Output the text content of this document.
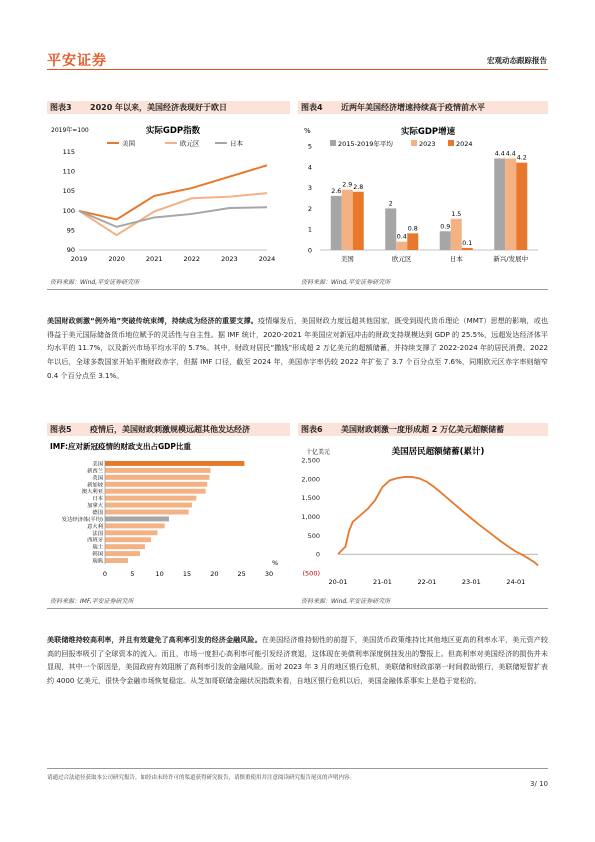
平安证券	宏观动态跟踪报告
图表3 2020 年以来，美国经济表现好于欧日
实际GDP指数
2019年=100
90
95
100
105
110
115
2019	2020	2021	2022	2023	2024
美国	欧元区	日本
资料来源：Wind,平安证券研究所
图表4 近两年美国经济增速持续高于疫情前水平
实际GDP增速
%
0
1
2
3
4
5	2015-2019年平均	2023	2024
2.6
2.9 2.8
美国
2
0.4
0.8
欧元区
0.9
1.5
0.1
日本
4.4 4.4
4.2
新兴/发展中
资料来源：Wind,平安证券研究所
美国财政刺激“例外地”突破传统束缚，持续成为经济的重要支撑。疫情爆发后，美国财政力度远超其他国家，既受到现代货币理论（MMT）思想的影响，或也得益于美元国际储备货币地位赋予的灵活性与自主性。据 IMF 统计，2020-2021 年美国应对新冠冲击的财政支持规模达到 GDP 的 25.5%，远超发达经济体平均水平的 11.7%，以及新兴市场平均水平的 5.7%。其中，财政对居民“撒钱”形成超 2 万亿美元的超额储蓄，并持续支撑了 2022-2024 年的居民消费。2022 年以后，全球多数国家开始平衡财政赤字，但据 IMF 口径，截至 2024 年，美国赤字率仍较 2022 年扩张了 3.7 个百分点至 7.6%，同期欧元区赤字率则缩窄 0.4 个百分点至 3.1%。
图表5 疫情后，美国财政刺激规模远超其他发达经济
IMF:应对新冠疫情的财政支出占GDP比重
美国
新西兰
英国
新加坡
澳大利亚
日本
加拿大
德国
发达经济体(平均)
意大利
法国
西班牙
瑞士
韩国
瑞典
0	5	10	15	20	25	30
%
资料来源：IMF,平安证券研究所
图表6 美国财政刺激一度形成超 2 万亿美元超额储蓄
美国居民超额储蓄(累计)
十亿美元
(500)
0
500
1,000
1,500
2,000
2,500
20-01	21-01	22-01	23-01	24-01
资料来源：Wind,平安证券研究所
美联储维持较高利率，并且有效避免了高利率引发的经济金融风险。在美国经济维持韧性的前提下，美国货币政策维持比其他地区更高的利率水平，美元资产较高的回报率吸引了全球资本的流入。而且，市场一度担心高利率可能引发经济衰退，这体现在美债利率深度倒挂发出的警报上。但高利率对美国经济的损伤并未显现，其中一个原因是，美国政府有效阻断了高利率引发的金融风险。面对 2023 年 3 月的地区银行危机，美联储和财政部第一时间救助银行，美联储短智扩表约 4000 亿美元，很快令金融市场恢复稳定。从芝加哥联储金融状况指数来看，自地区银行危机以后，美国金融体系事实上是趋于宽松的。
请通过合法途径获取本公司研究报告，如经由未经许可的渠道获得研究报告，请慎重使用并注意阅读研究报告尾页的声明内容。
3/ 10
